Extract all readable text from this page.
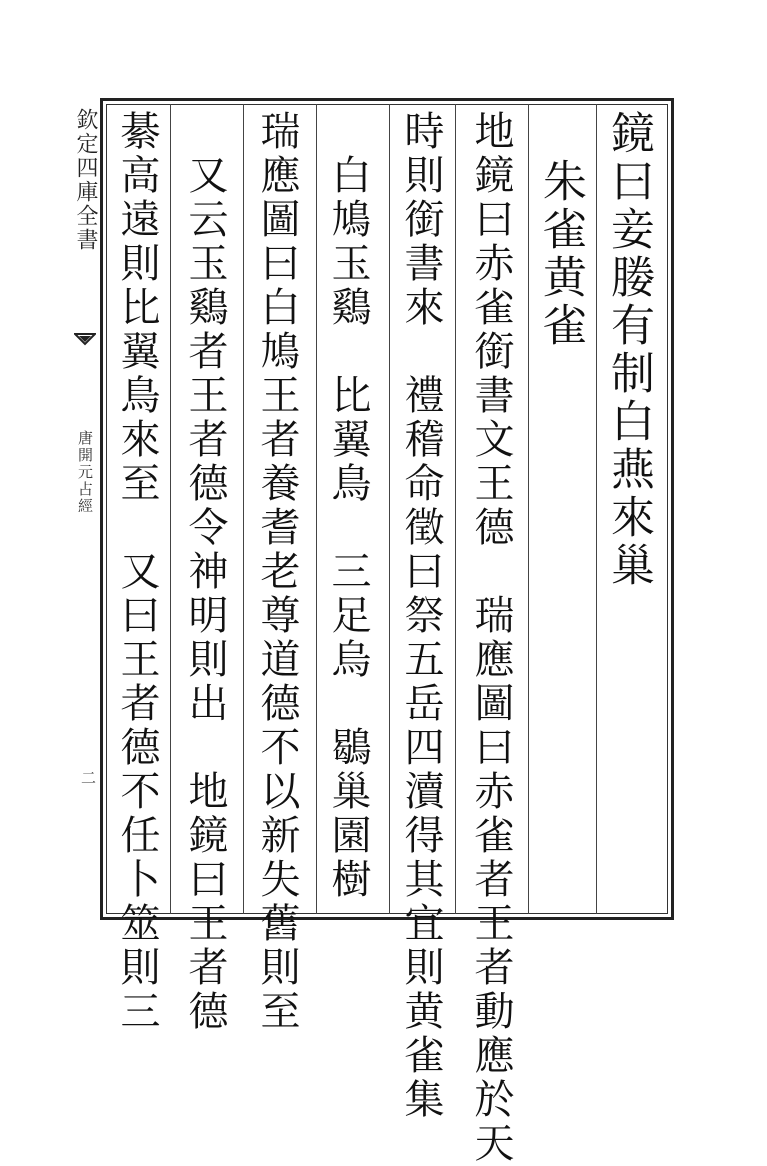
欽定四庫全書
唐開元占經
二
鏡曰妾媵有制白燕來巢
　朱雀黄雀
地鏡曰赤雀銜書文王德　瑞應圖曰赤雀者王者動應於天
時則銜書來　禮稽命徵曰祭五岳四瀆得其宜則黄雀集
　白鳩玉鷄　比翼鳥　三足烏　鶡巢園樹
瑞應圖曰白鳩王者養耆老尊道德不以新失舊則至
　又云玉鷄者王者德令神明則出　地鏡曰王者德
綦高遠則比翼鳥來至　又曰王者德不任卜筮則三
